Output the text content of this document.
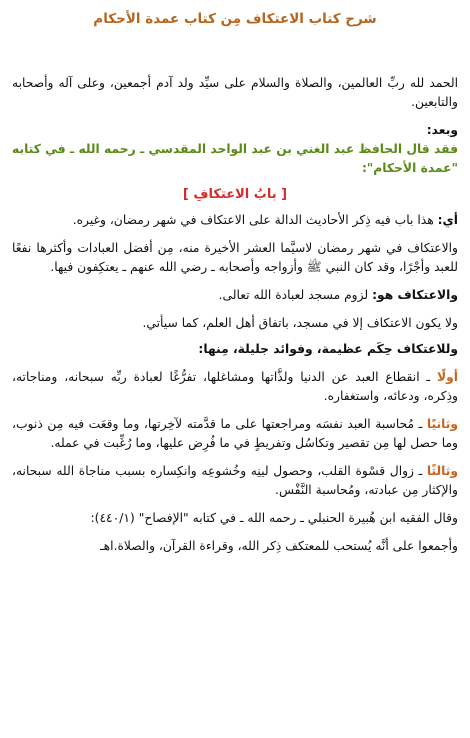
شرح كتاب الاعتكاف مِن كتاب عمدة الأحكام

الحمد لله ربِّ العالمين، والصلاة والسلام على سيِّد ولد آدم أجمعين، وعلى آله وأصحابه والتابعين.

وبعد:

فقد قال الحافظ عبد الغني بن عبد الواحد المقدسي ـ رحمه الله ـ في كتابه "عمدة الأحكام":

[ بابُ الاعتكافِ ]

أي: هذا باب فيه ذِكر الأحاديث الدالة على الاعتكاف في شهر رمضان، وغيره.

والاعتكاف في شهر رمضان لاسيَّما العشر الأخيرة منه، مِن أفضل العبادات وأكثرها نفعًا للعبد وأجْرًا، وقد كان النبي ﷺ وأزواجه وأصحابه ـ رضي الله عنهم ـ يعتكِفون فيها.

والاعتكاف هو: لزوم مسجد لعبادة الله تعالى.

ولا يكون الاعتكاف إلا في مسجد، باتفاق أهل العلم، كما سيأتي.

وللاعتكاف حِكَم عظيمة، وفوائد جليلة، مِنها:

أولًا ـ انقطاع العبد عن الدنيا ولذَّاتها ومشاغلها، تفرُّغًا لعبادة ربِّه سبحانه، ومناجاته، وذِكره، ودعائه، واستغفاره.

وثانيًا ـ مُحاسبة العبد نفسَه ومراجعتها على ما قدَّمته لآخِرتها، وما وقعَت فيه مِن ذنوب، وما حصل لها مِن تقصير وتكاسُل وتفريطٍ في ما فُرِض عليها، وما رُغِّبت في عمله.

وثالثًا ـ زوال قسْوة القلب، وحصول لينِه وخُشوعِه وانكِساره بسبب مناجاة الله سبحانه، والإكثار مِن عبادته، ومُحاسبة النَّفْس.

وقال الفقيه ابن هُبيرة الحنبلي ـ رحمه الله ـ في كتابه "الإفصاح" (٤٤٠/١):

وأجمعوا على أنَّه يُستحب للمعتكف ذِكر الله، وقراءة القرآن، والصلاة.اهـ
